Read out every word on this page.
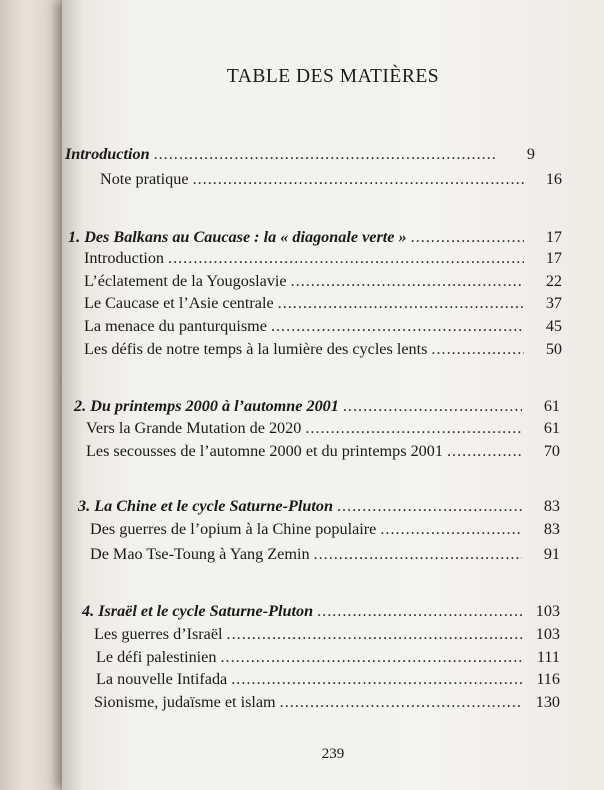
TABLE DES MATIÈRES
Introduction .....	9
Note pratique .....	16
1. Des Balkans au Caucase : la « diagonale verte » .....	17
Introduction .....	17
L’éclatement de la Yougoslavie .....	22
Le Caucase et l’Asie centrale .....	37
La menace du panturquisme .....	45
Les défis de notre temps à la lumière des cycles lents .....	50
2. Du printemps 2000 à l’automne 2001 .....	61
Vers la Grande Mutation de 2020 .....	61
Les secousses de l’automne 2000 et du printemps 2001 .....	70
3. La Chine et le cycle Saturne-Pluton .....	83
Des guerres de l’opium à la Chine populaire .....	83
De Mao Tse-Toung à Yang Zemin .....	91
4. Israël et le cycle Saturne-Pluton .....	103
Les guerres d’Israël .....	103
Le défi palestinien .....	111
La nouvelle Intifada .....	116
Sionisme, judaïsme et islam .....	130
239
